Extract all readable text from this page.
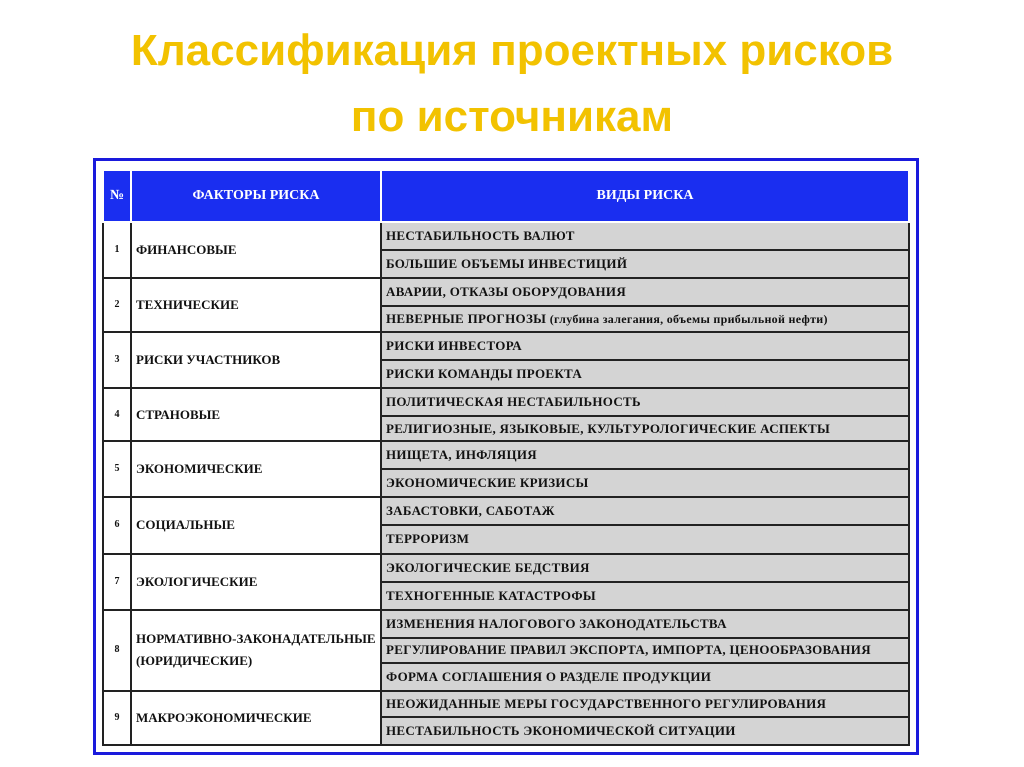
Классификация проектных рисков
по источникам
№	ФАКТОРЫ РИСКА	ВИДЫ РИСКА
1	ФИНАНСОВЫЕ	НЕСТАБИЛЬНОСТЬ ВАЛЮТ
		БОЛЬШИЕ ОБЪЕМЫ ИНВЕСТИЦИЙ
2	ТЕХНИЧЕСКИЕ	АВАРИИ, ОТКАЗЫ ОБОРУДОВАНИЯ
		НЕВЕРНЫЕ ПРОГНОЗЫ (глубина залегания, объемы прибыльной нефти)
3	РИСКИ УЧАСТНИКОВ	РИСКИ ИНВЕСТОРА
		РИСКИ КОМАНДЫ ПРОЕКТА
4	СТРАНОВЫЕ	ПОЛИТИЧЕСКАЯ НЕСТАБИЛЬНОСТЬ
		РЕЛИГИОЗНЫЕ, ЯЗЫКОВЫЕ, КУЛЬТУРОЛОГИЧЕСКИЕ АСПЕКТЫ
5	ЭКОНОМИЧЕСКИЕ	НИЩЕТА, ИНФЛЯЦИЯ
		ЭКОНОМИЧЕСКИЕ КРИЗИСЫ
6	СОЦИАЛЬНЫЕ	ЗАБАСТОВКИ, САБОТАЖ
		ТЕРРОРИЗМ
7	ЭКОЛОГИЧЕСКИЕ	ЭКОЛОГИЧЕСКИЕ БЕДСТВИЯ
		ТЕХНОГЕННЫЕ КАТАСТРОФЫ
8	НОРМАТИВНО-ЗАКОНАДАТЕЛЬНЫЕ (ЮРИДИЧЕСКИЕ)	ИЗМЕНЕНИЯ НАЛОГОВОГО ЗАКОНОДАТЕЛЬСТВА
		РЕГУЛИРОВАНИЕ ПРАВИЛ ЭКСПОРТА, ИМПОРТА, ЦЕНООБРАЗОВАНИЯ
		ФОРМА СОГЛАШЕНИЯ О РАЗДЕЛЕ ПРОДУКЦИИ
9	МАКРОЭКОНОМИЧЕСКИЕ	НЕОЖИДАННЫЕ МЕРЫ ГОСУДАРСТВЕННОГО РЕГУЛИРОВАНИЯ
		НЕСТАБИЛЬНОСТЬ ЭКОНОМИЧЕСКОЙ СИТУАЦИИ
